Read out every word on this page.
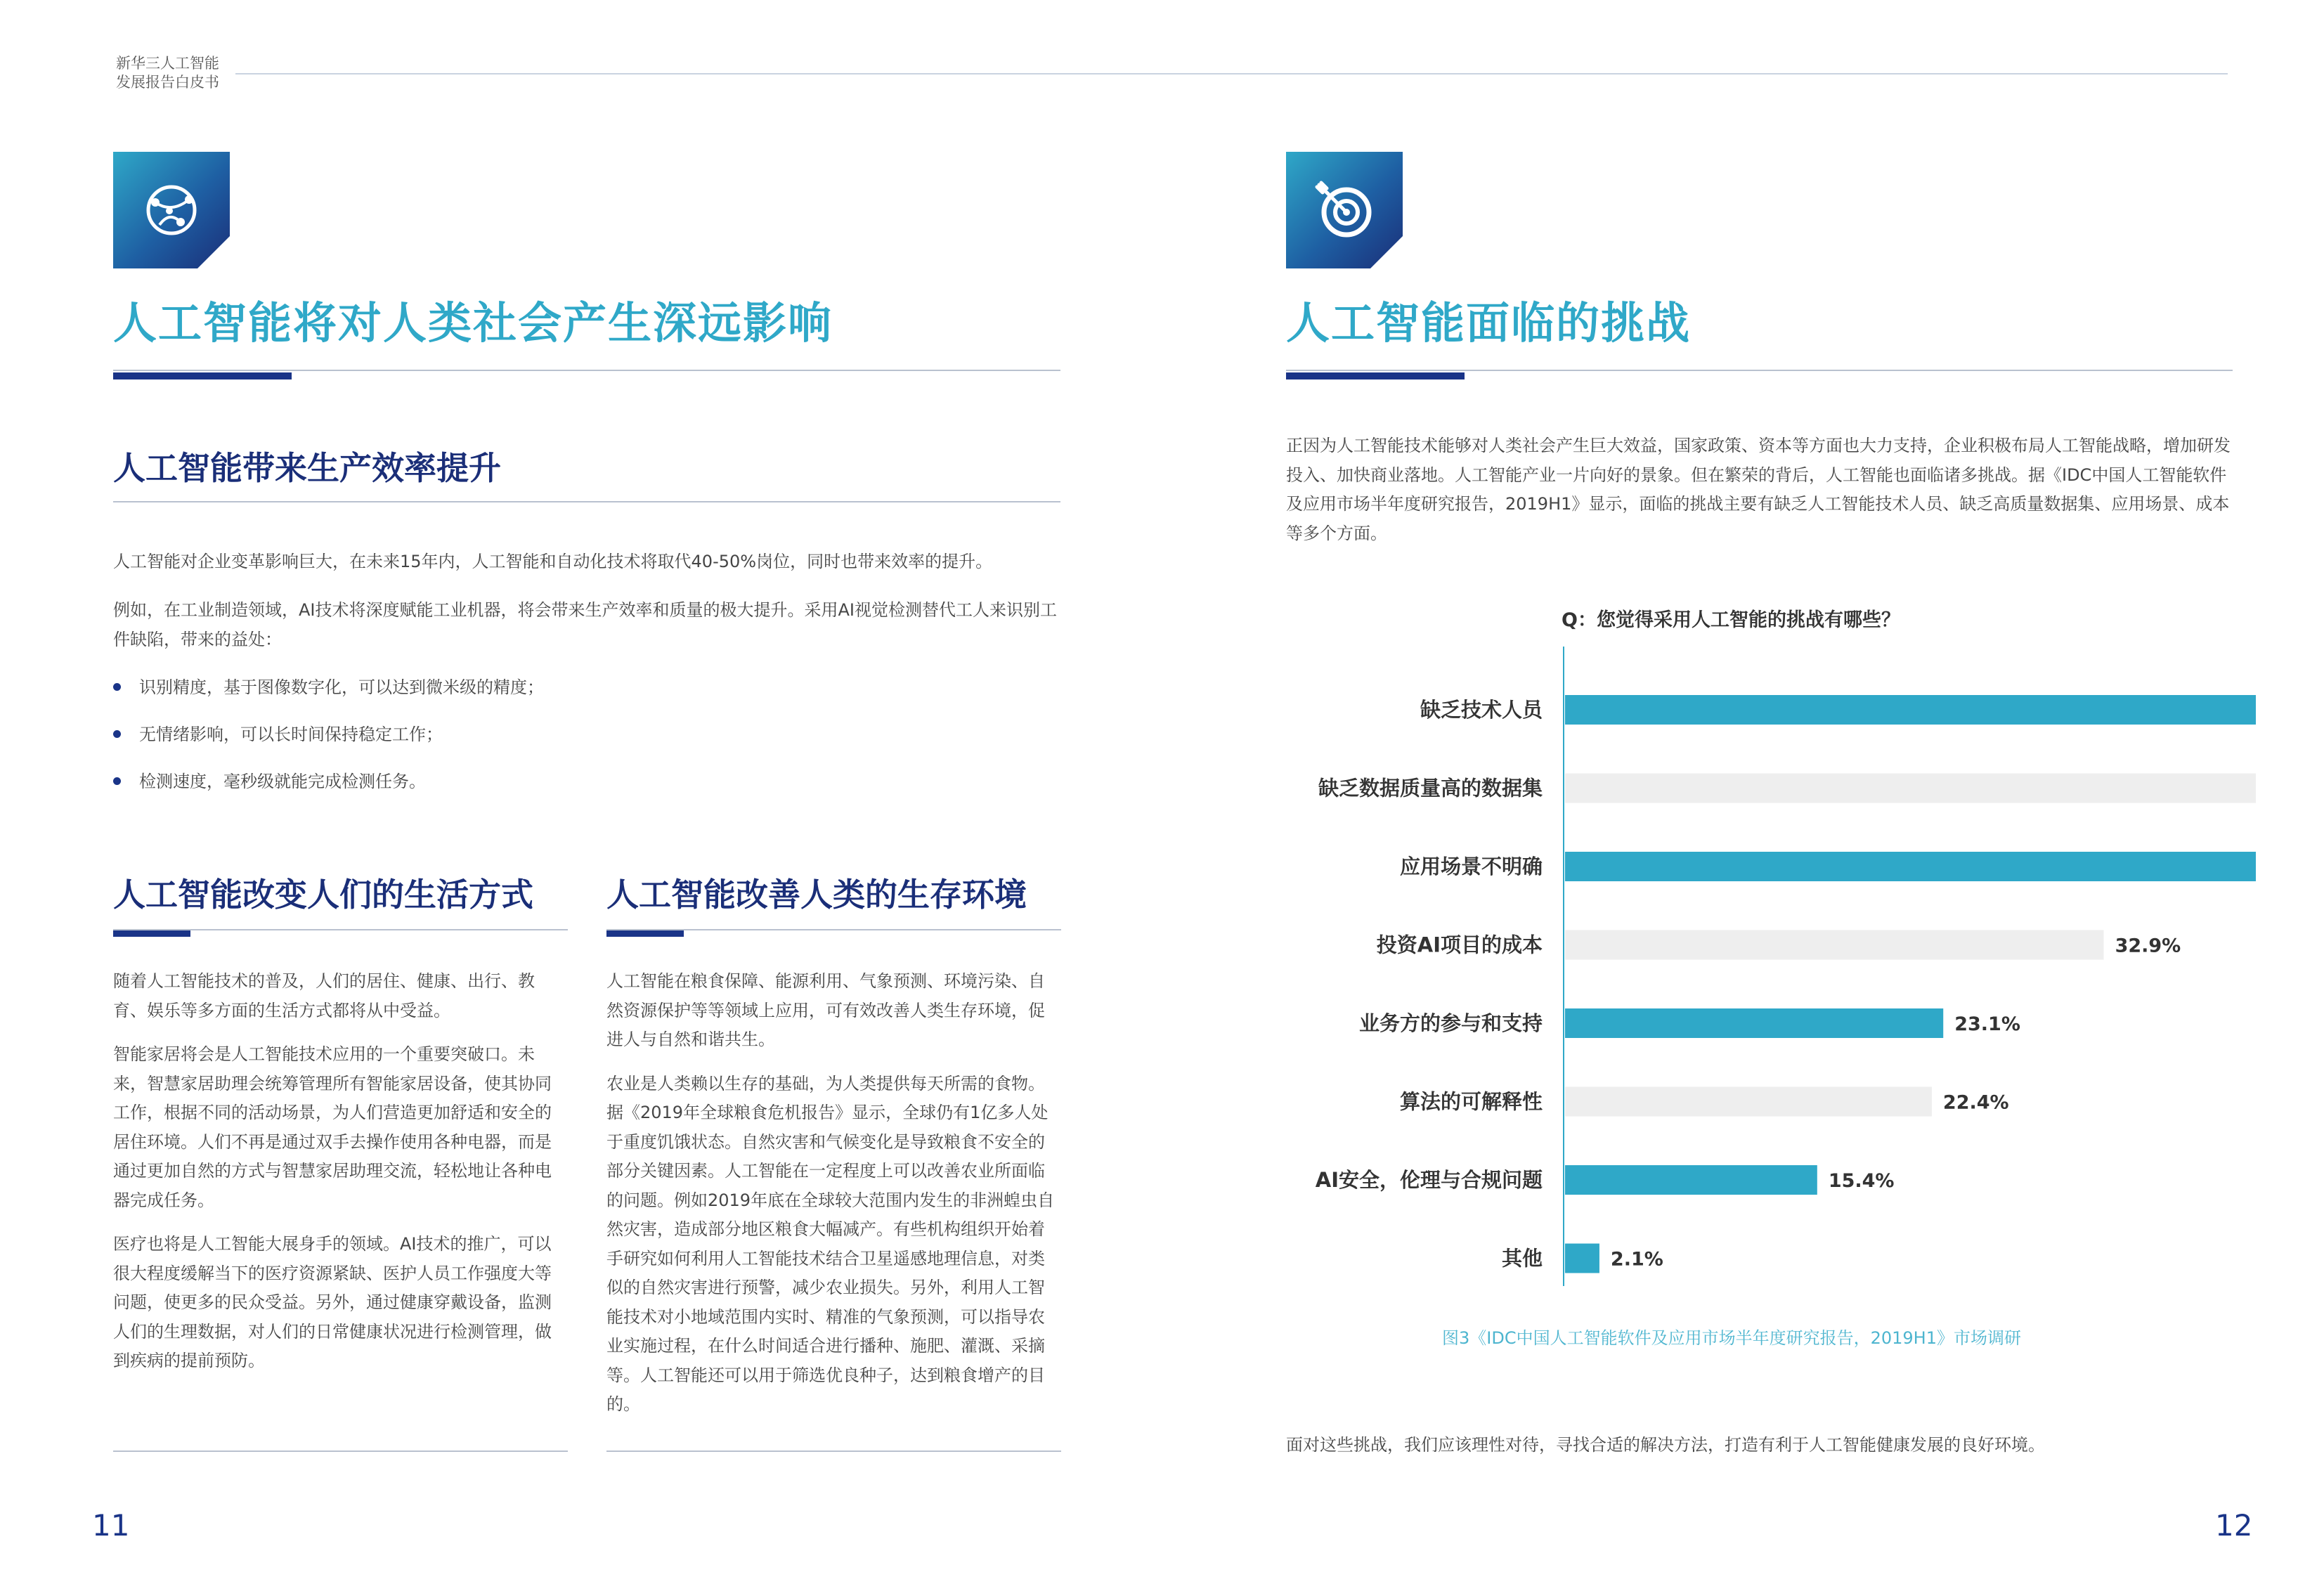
新华三人工智能
发展报告白皮书
人工智能将对人类社会产生深远影响
人工智能带来生产效率提升
人工智能对企业变革影响巨大，在未来15年内，人工智能和自动化技术将取代40-50%岗位，同时也带来效率的提升。
例如，在工业制造领域，AI技术将深度赋能工业机器，将会带来生产效率和质量的极大提升。采用AI视觉检测替代工人来识别工件缺陷，带来的益处：
识别精度，基于图像数字化，可以达到微米级的精度；
无情绪影响，可以长时间保持稳定工作；
检测速度，毫秒级就能完成检测任务。
人工智能改变人们的生活方式
随着人工智能技术的普及，人们的居住、健康、出行、教育、娱乐等多方面的生活方式都将从中受益。
智能家居将会是人工智能技术应用的一个重要突破口。未来，智慧家居助理会统筹管理所有智能家居设备，使其协同工作，根据不同的活动场景，为人们营造更加舒适和安全的居住环境。人们不再是通过双手去操作使用各种电器，而是通过更加自然的方式与智慧家居助理交流，轻松地让各种电器完成任务。
医疗也将是人工智能大展身手的领域。AI技术的推广，可以很大程度缓解当下的医疗资源紧缺、医护人员工作强度大等问题，使更多的民众受益。另外，通过健康穿戴设备，监测人们的生理数据，对人们的日常健康状况进行检测管理，做到疾病的提前预防。
人工智能改善人类的生存环境
人工智能在粮食保障、能源利用、气象预测、环境污染、自然资源保护等等领域上应用，可有效改善人类生存环境，促进人与自然和谐共生。
农业是人类赖以生存的基础，为人类提供每天所需的食物。据《2019年全球粮食危机报告》显示，全球仍有1亿多人处于重度饥饿状态。自然灾害和气候变化是导致粮食不安全的部分关键因素。人工智能在一定程度上可以改善农业所面临的问题。例如2019年底在全球较大范围内发生的非洲蝗虫自然灾害，造成部分地区粮食大幅减产。有些机构组织开始着手研究如何利用人工智能技术结合卫星遥感地理信息，对类似的自然灾害进行预警，减少农业损失。另外，利用人工智能技术对小地域范围内实时、精准的气象预测，可以指导农业实施过程，在什么时间适合进行播种、施肥、灌溉、采摘等。人工智能还可以用于筛选优良种子，达到粮食增产的目的。
11
人工智能面临的挑战
正因为人工智能技术能够对人类社会产生巨大效益，国家政策、资本等方面也大力支持，企业积极布局人工智能战略，增加研发投入、加快商业落地。人工智能产业一片向好的景象。但在繁荣的背后，人工智能也面临诸多挑战。据《IDC中国人工智能软件及应用市场半年度研究报告，2019H1》显示，面临的挑战主要有缺乏人工智能技术人员、缺乏高质量数据集、应用场景、成本等多个方面。
Q：您觉得采用人工智能的挑战有哪些？
缺乏技术人员
缺乏数据质量高的数据集
应用场景不明确
投资AI项目的成本	32.9%
业务方的参与和支持	23.1%
算法的可解释性	22.4%
AI安全，伦理与合规问题	15.4%
其他	2.1%
图3《IDC中国人工智能软件及应用市场半年度研究报告，2019H1》市场调研
面对这些挑战，我们应该理性对待，寻找合适的解决方法，打造有利于人工智能健康发展的良好环境。
12
